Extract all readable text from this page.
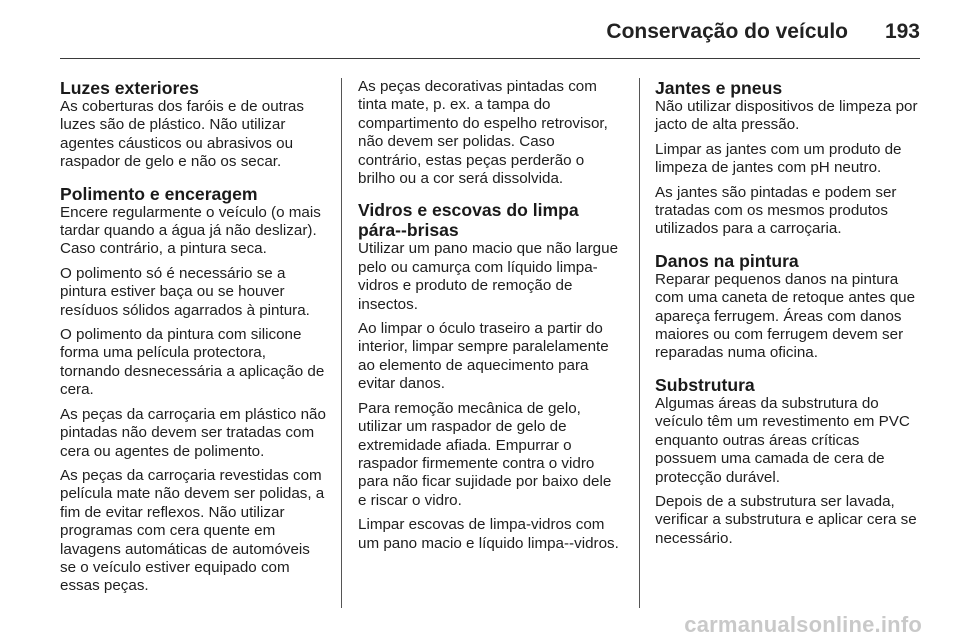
Conservação do veículo 193
Luzes exteriores

As coberturas dos faróis e de outras luzes são de plástico. Não utilizar agentes cáusticos ou abrasivos ou raspador de gelo e não os secar.

Polimento e enceragem

Encere regularmente o veículo (o mais tardar quando a água já não deslizar). Caso contrário, a pintura seca.

O polimento só é necessário se a pintura estiver baça ou se houver resíduos sólidos agarrados à pintura.

O polimento da pintura com silicone forma uma película protectora, tornando desnecessária a aplicação de cera.

As peças da carroçaria em plástico não pintadas não devem ser tratadas com cera ou agentes de polimento.

As peças da carroçaria revestidas com película mate não devem ser polidas, a fim de evitar reflexos. Não utilizar programas com cera quente em lavagens automáticas de automóveis se o veículo estiver equipado com essas peças.

As peças decorativas pintadas com tinta mate, p. ex. a tampa do compartimento do espelho retrovisor, não devem ser polidas. Caso contrário, estas peças perderão o brilho ou a cor será dissolvida.

Vidros e escovas do limpa pára--brisas

Utilizar um pano macio que não largue pelo ou camurça com líquido limpa-vidros e produto de remoção de insectos.

Ao limpar o óculo traseiro a partir do interior, limpar sempre paralelamente ao elemento de aquecimento para evitar danos.

Para remoção mecânica de gelo, utilizar um raspador de gelo de extremidade afiada. Empurrar o raspador firmemente contra o vidro para não ficar sujidade por baixo dele e riscar o vidro.

Limpar escovas de limpa-vidros com um pano macio e líquido limpa--vidros.

Jantes e pneus

Não utilizar dispositivos de limpeza por jacto de alta pressão.

Limpar as jantes com um produto de limpeza de jantes com pH neutro.

As jantes são pintadas e podem ser tratadas com os mesmos produtos utilizados para a carroçaria.

Danos na pintura

Reparar pequenos danos na pintura com uma caneta de retoque antes que apareça ferrugem. Áreas com danos maiores ou com ferrugem devem ser reparadas numa oficina.

Substrutura

Algumas áreas da substrutura do veículo têm um revestimento em PVC enquanto outras áreas críticas possuem uma camada de cera de protecção durável.

Depois de a substrutura ser lavada, verificar a substrutura e aplicar cera se necessário.

carmanualsonline.info
